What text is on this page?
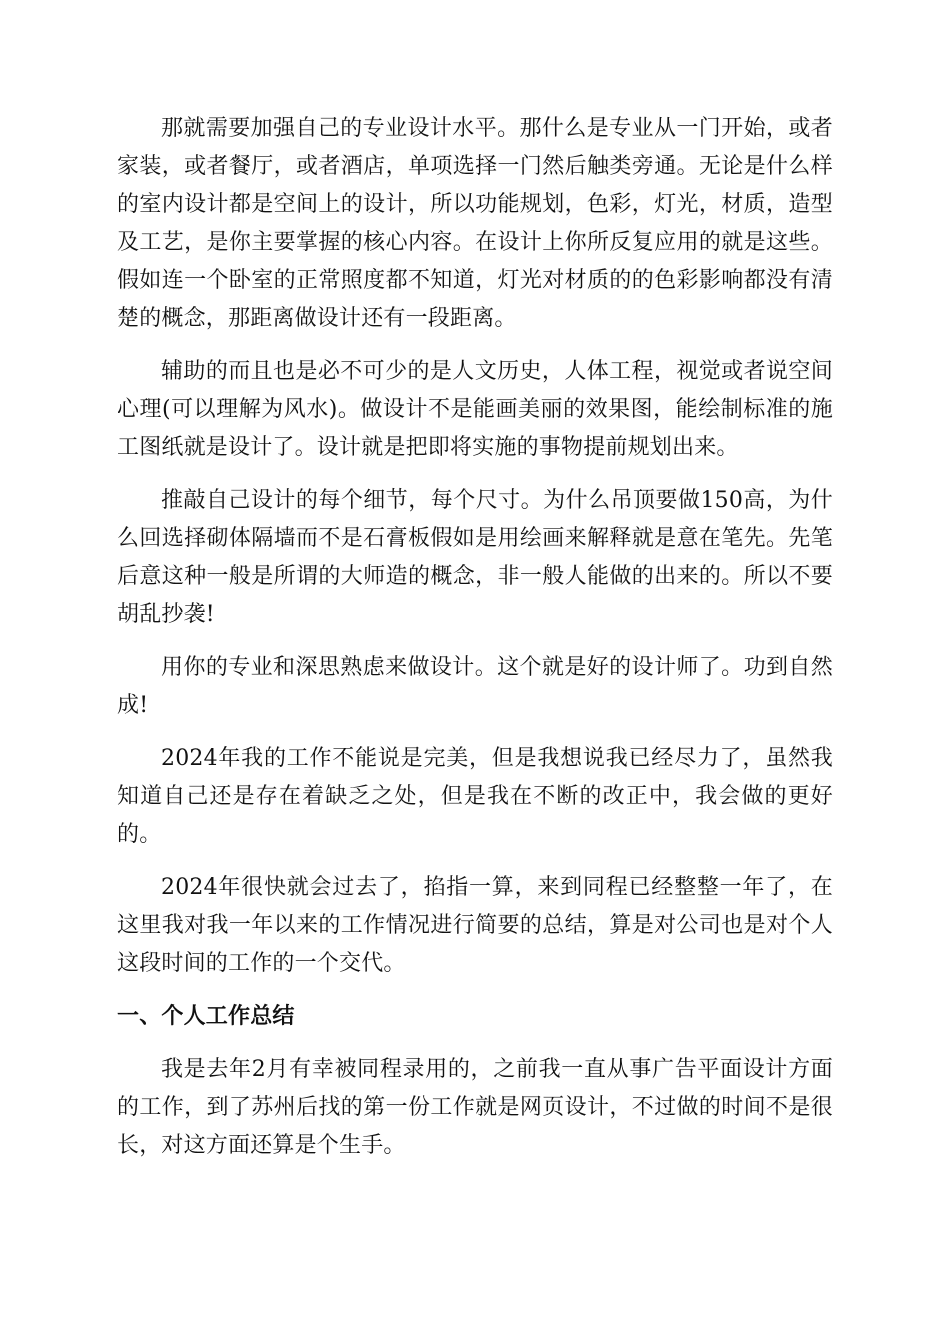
那就需要加强自己的专业设计水平。那什么是专业从一门开始，或者家装，或者餐厅，或者酒店，单项选择一门然后触类旁通。无论是什么样的室内设计都是空间上的设计，所以功能规划，色彩，灯光，材质，造型及工艺，是你主要掌握的核心内容。在设计上你所反复应用的就是这些。假如连一个卧室的正常照度都不知道，灯光对材质的的色彩影响都没有清楚的概念，那距离做设计还有一段距离。

辅助的而且也是必不可少的是人文历史，人体工程，视觉或者说空间心理(可以理解为风水)。做设计不是能画美丽的效果图，能绘制标准的施工图纸就是设计了。设计就是把即将实施的事物提前规划出来。

推敲自己设计的每个细节，每个尺寸。为什么吊顶要做150高，为什么回选择砌体隔墙而不是石膏板假如是用绘画来解释就是意在笔先。先笔后意这种一般是所谓的大师造的概念，非一般人能做的出来的。所以不要胡乱抄袭!

用你的专业和深思熟虑来做设计。这个就是好的设计师了。功到自然成!

2024年我的工作不能说是完美，但是我想说我已经尽力了，虽然我知道自己还是存在着缺乏之处，但是我在不断的改正中，我会做的更好的。

2024年很快就会过去了，掐指一算，来到同程已经整整一年了，在这里我对我一年以来的工作情况进行简要的总结，算是对公司也是对个人这段时间的工作的一个交代。

一、个人工作总结

我是去年2月有幸被同程录用的，之前我一直从事广告平面设计方面的工作，到了苏州后找的第一份工作就是网页设计，不过做的时间不是很长，对这方面还算是个生手。
